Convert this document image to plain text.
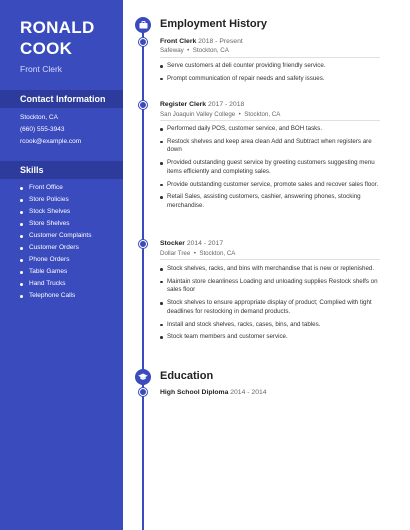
RONALD
COOK
Front Clerk
Contact Information
Stockton, CA
(660) 555-3943
rcook@example.com
Skills
Front Office
Store Policies
Stock Shelves
Store Shelves
Customer Complaints
Customer Orders
Phone Orders
Table Games
Hand Trucks
Telephone Calls
Employment History
Front Clerk 2018 - Present
Safeway  •  Stockton, CA
Serve customers at deli counter providing friendly service.
Prompt communication of repair needs and safety issues.
Register Clerk 2017 - 2018
San Joaquin Valley College  •  Stockton, CA
Performed daily POS, customer service, and BOH tasks.
Restock shelves and keep area clean Add and Subtract when registers are down
Provided outstanding guest service by greeting customers suggesting menu items efficiently and completing sales.
Provide outstanding customer service, promote sales and recover sales floor.
Retail Sales, assisting customers, cashier, answering phones, stocking merchandise.
Stocker 2014 - 2017
Dollar Tree  •  Stockton, CA
Stock shelves, racks, and bins with merchandise that is new or replenished.
Maintain store cleanliness Loading and unloading supplies Restock shelfs on sales floor
Stock shelves to ensure appropriate display of product; Complied with tight deadlines for restocking in demand products.
Install and stock shelves, racks, cases, bins, and tables.
Stock team members and customer service.
Education
High School Diploma 2014 - 2014
